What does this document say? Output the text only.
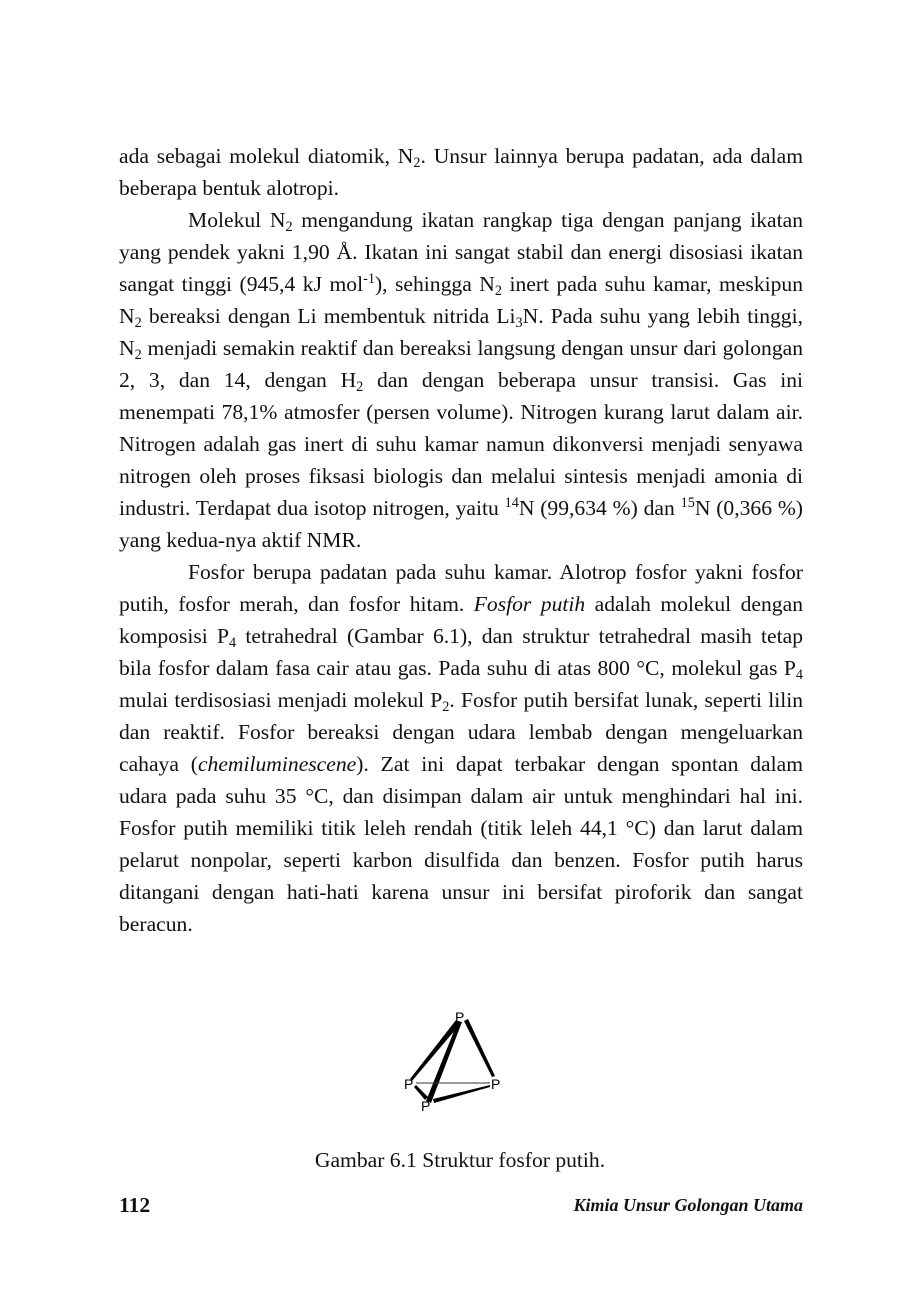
ada sebagai molekul diatomik, $N_2$. Unsur lainnya berupa padatan, ada dalam beberapa bentuk alotropi.

Molekul $N_2$ mengandung ikatan rangkap tiga dengan panjang ikatan yang pendek yakni 1,90 Å. Ikatan ini sangat stabil dan energi disosiasi ikatan sangat tinggi (945,4 kJ mol$^{-1}$), sehingga $N_2$ inert pada suhu kamar, meskipun $N_2$ bereaksi dengan Li membentuk nitrida $Li_3N$. Pada suhu yang lebih tinggi, $N_2$ menjadi semakin reaktif dan bereaksi langsung dengan unsur dari golongan 2, 3, dan 14, dengan $H_2$ dan dengan beberapa unsur transisi. Gas ini menempati 78,1% atmosfer (persen volume). Nitrogen kurang larut dalam air. Nitrogen adalah gas inert di suhu kamar namun dikonversi menjadi senyawa nitrogen oleh proses fiksasi biologis dan melalui sintesis menjadi amonia di industri. Terdapat dua isotop nitrogen, yaitu $^{14}$N (99,634 %) dan $^{15}$N (0,366 %) yang kedua-nya aktif NMR.

Fosfor berupa padatan pada suhu kamar. Alotrop fosfor yakni fosfor putih, fosfor merah, dan fosfor hitam. Fosfor putih adalah molekul dengan komposisi $P_4$ tetrahedral (Gambar 6.1), dan struktur tetrahedral masih tetap bila fosfor dalam fasa cair atau gas. Pada suhu di atas 800 °C, molekul gas $P_4$ mulai terdisosiasi menjadi molekul $P_2$. Fosfor putih bersifat lunak, seperti lilin dan reaktif. Fosfor bereaksi dengan udara lembab dengan mengeluarkan cahaya (chemiluminescene). Zat ini dapat terbakar dengan spontan dalam udara pada suhu 35 °C, dan disimpan dalam air untuk menghindari hal ini. Fosfor putih memiliki titik leleh rendah (titik leleh 44,1 °C) dan larut dalam pelarut nonpolar, seperti karbon disulfida dan benzen. Fosfor putih harus ditangani dengan hati-hati karena unsur ini bersifat piroforik dan sangat beracun.

P
P	P
P
Gambar 6.1 Struktur fosfor putih.
112	Kimia Unsur Golongan Utama
